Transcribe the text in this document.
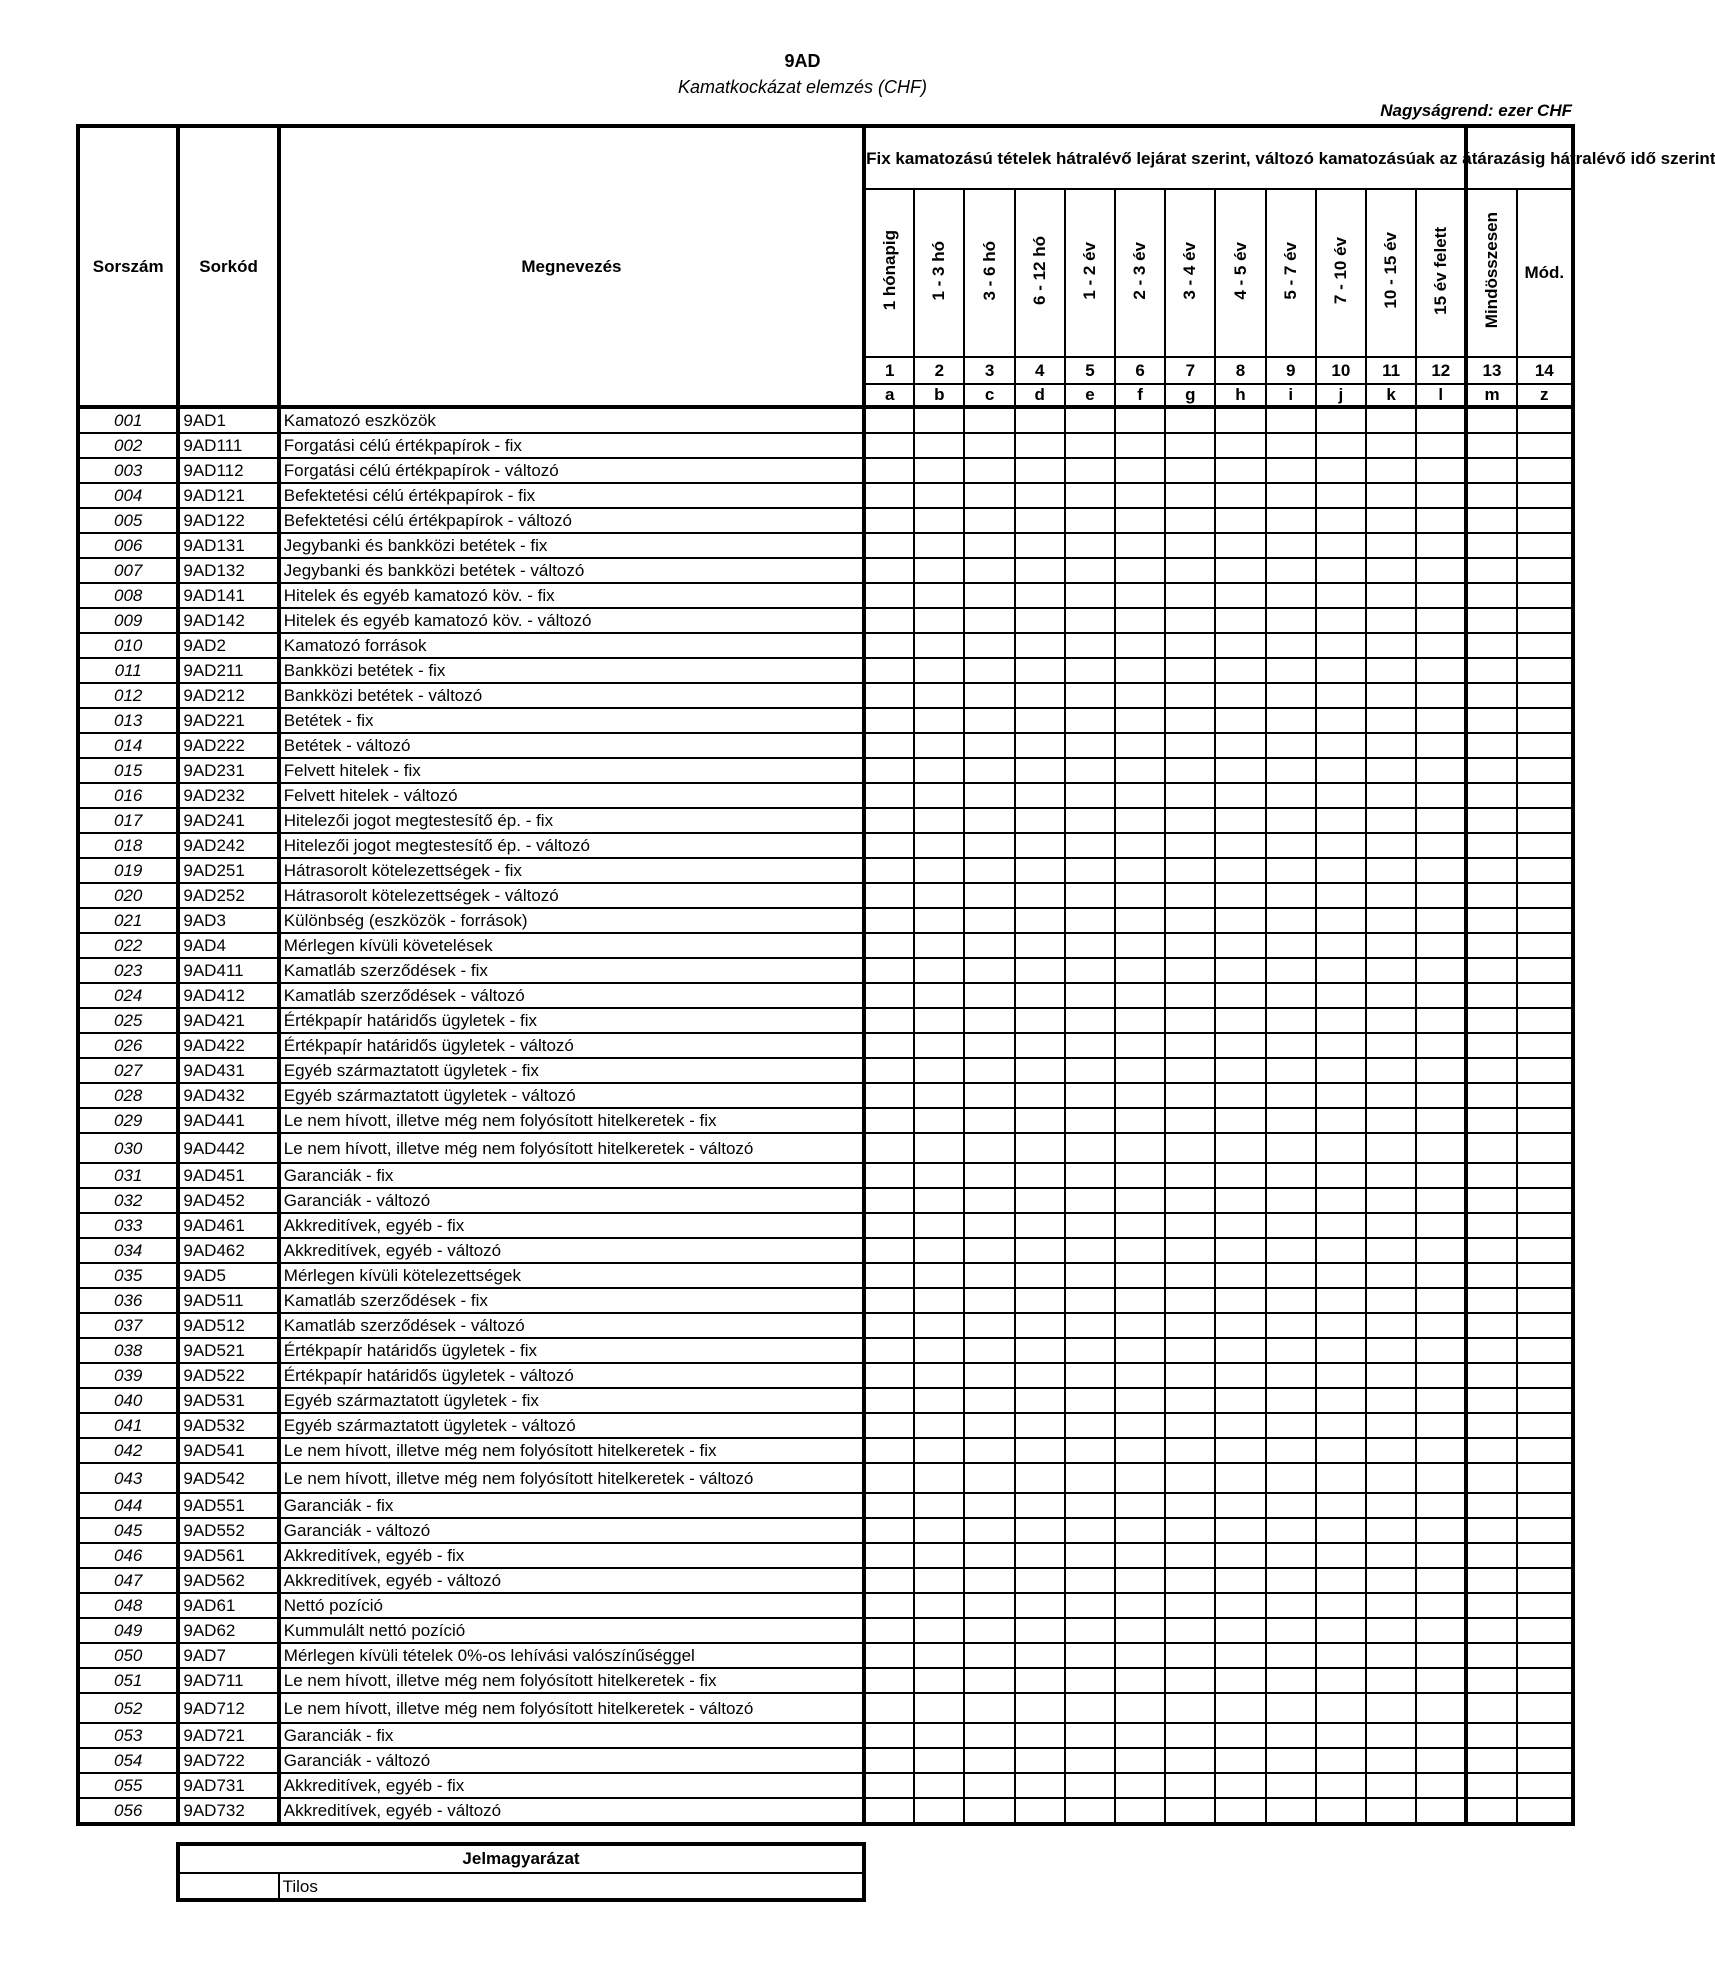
9AD
Kamatkockázat elemzés (CHF)
Nagyságrend: ezer CHF
Sorszám	Sorkód	Megnevezés	Fix kamatozású tételek hátralévő lejárat szerint, változó kamatozásúak az átárazásig hátralévő idő szerint													
			1 hónapig	1 - 3 hó	3 - 6 hó	6 - 12 hó	1 - 2 év	2 - 3 év	3 - 4 év	4 - 5 év	5 - 7 év	7 - 10 év	10 - 15 év	15 év felett	Mindösszesen	Mód.
			1	2	3	4	5	6	7	8	9	10	11	12	13	14
			a	b	c	d	e	f	g	h	i	j	k	l	m	z
001	9AD1	Kamatozó eszközök														
002	9AD111	Forgatási célú értékpapírok - fix														
003	9AD112	Forgatási célú értékpapírok - változó														
004	9AD121	Befektetési célú értékpapírok - fix														
005	9AD122	Befektetési célú értékpapírok - változó														
006	9AD131	Jegybanki és bankközi betétek - fix														
007	9AD132	Jegybanki és bankközi betétek - változó														
008	9AD141	Hitelek és egyéb kamatozó köv. - fix														
009	9AD142	Hitelek és egyéb kamatozó köv. - változó														
010	9AD2	Kamatozó források														
011	9AD211	Bankközi betétek - fix														
012	9AD212	Bankközi betétek - változó														
013	9AD221	Betétek - fix														
014	9AD222	Betétek - változó														
015	9AD231	Felvett hitelek - fix														
016	9AD232	Felvett hitelek - változó														
017	9AD241	Hitelezői jogot megtestesítő ép. - fix														
018	9AD242	Hitelezői jogot megtestesítő ép. - változó														
019	9AD251	Hátrasorolt kötelezettségek - fix														
020	9AD252	Hátrasorolt kötelezettségek - változó														
021	9AD3	Különbség (eszközök - források)														
022	9AD4	Mérlegen kívüli követelések														
023	9AD411	Kamatláb szerződések - fix														
024	9AD412	Kamatláb szerződések - változó														
025	9AD421	Értékpapír határidős ügyletek - fix														
026	9AD422	Értékpapír határidős ügyletek - változó														
027	9AD431	Egyéb származtatott ügyletek - fix														
028	9AD432	Egyéb származtatott ügyletek - változó														
029	9AD441	Le nem hívott, illetve még nem folyósított hitelkeretek - fix														
030	9AD442	Le nem hívott, illetve még nem folyósított hitelkeretek - változó														
031	9AD451	Garanciák - fix														
032	9AD452	Garanciák - változó														
033	9AD461	Akkreditívek, egyéb - fix														
034	9AD462	Akkreditívek, egyéb - változó														
035	9AD5	Mérlegen kívüli kötelezettségek														
036	9AD511	Kamatláb szerződések - fix														
037	9AD512	Kamatláb szerződések - változó														
038	9AD521	Értékpapír határidős ügyletek - fix														
039	9AD522	Értékpapír határidős ügyletek - változó														
040	9AD531	Egyéb származtatott ügyletek - fix														
041	9AD532	Egyéb származtatott ügyletek - változó														
042	9AD541	Le nem hívott, illetve még nem folyósított hitelkeretek - fix														
043	9AD542	Le nem hívott, illetve még nem folyósított hitelkeretek - változó														
044	9AD551	Garanciák - fix														
045	9AD552	Garanciák - változó														
046	9AD561	Akkreditívek, egyéb - fix														
047	9AD562	Akkreditívek, egyéb - változó														
048	9AD61	Nettó pozíció														
049	9AD62	Kummulált nettó pozíció														
050	9AD7	Mérlegen kívüli tételek 0%-os lehívási valószínűséggel														
051	9AD711	Le nem hívott, illetve még nem folyósított hitelkeretek - fix														
052	9AD712	Le nem hívott, illetve még nem folyósított hitelkeretek - változó														
053	9AD721	Garanciák - fix														
054	9AD722	Garanciák - változó														
055	9AD731	Akkreditívek, egyéb - fix														
056	9AD732	Akkreditívek, egyéb - változó														
Jelmagyarázat
	Tilos
